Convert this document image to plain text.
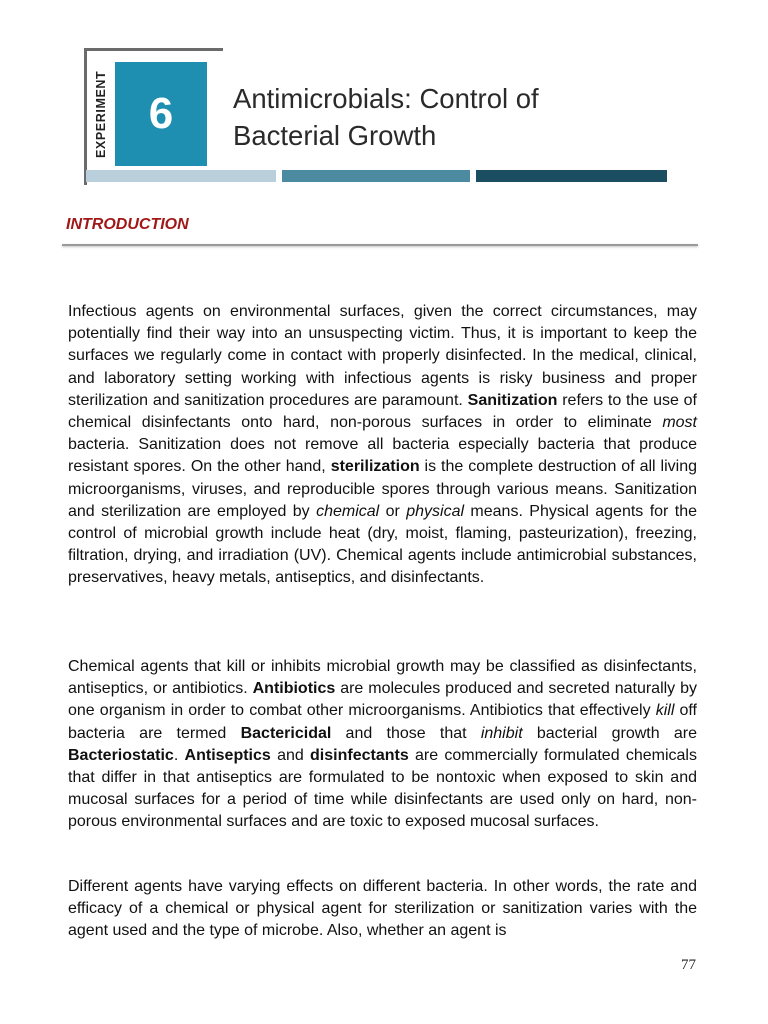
EXPERIMENT 6 Antimicrobials: Control of
Bacterial Growth
INTRODUCTION

Infectious agents on environmental surfaces, given the correct circumstances, may potentially find their way into an unsuspecting victim. Thus, it is important to keep the surfaces we regularly come in contact with properly disinfected. In the medical, clinical, and laboratory setting working with infectious agents is risky business and proper sterilization and sanitization procedures are paramount. Sanitization refers to the use of chemical disinfectants onto hard, non-porous surfaces in order to eliminate most bacteria. Sanitization does not remove all bacteria especially bacteria that produce resistant spores. On the other hand, sterilization is the complete destruction of all living microorganisms, viruses, and reproducible spores through various means. Sanitization and sterilization are employed by chemical or physical means. Physical agents for the control of microbial growth include heat (dry, moist, flaming, pasteurization), freezing, filtration, drying, and irradiation (UV). Chemical agents include antimicrobial substances, preservatives, heavy metals, antiseptics, and disinfectants.

Chemical agents that kill or inhibits microbial growth may be classified as disinfectants, antiseptics, or antibiotics. Antibiotics are molecules produced and secreted naturally by one organism in order to combat other microorganisms. Antibiotics that effectively kill off bacteria are termed Bactericidal and those that inhibit bacterial growth are Bacteriostatic. Antiseptics and disinfectants are commercially formulated chemicals that differ in that antiseptics are formulated to be nontoxic when exposed to skin and mucosal surfaces for a period of time while disinfectants are used only on hard, non-porous environmental surfaces and are toxic to exposed mucosal surfaces.

Different agents have varying effects on different bacteria. In other words, the rate and efficacy of a chemical or physical agent for sterilization or sanitization varies with the agent used and the type of microbe. Also, whether an agent is

77
